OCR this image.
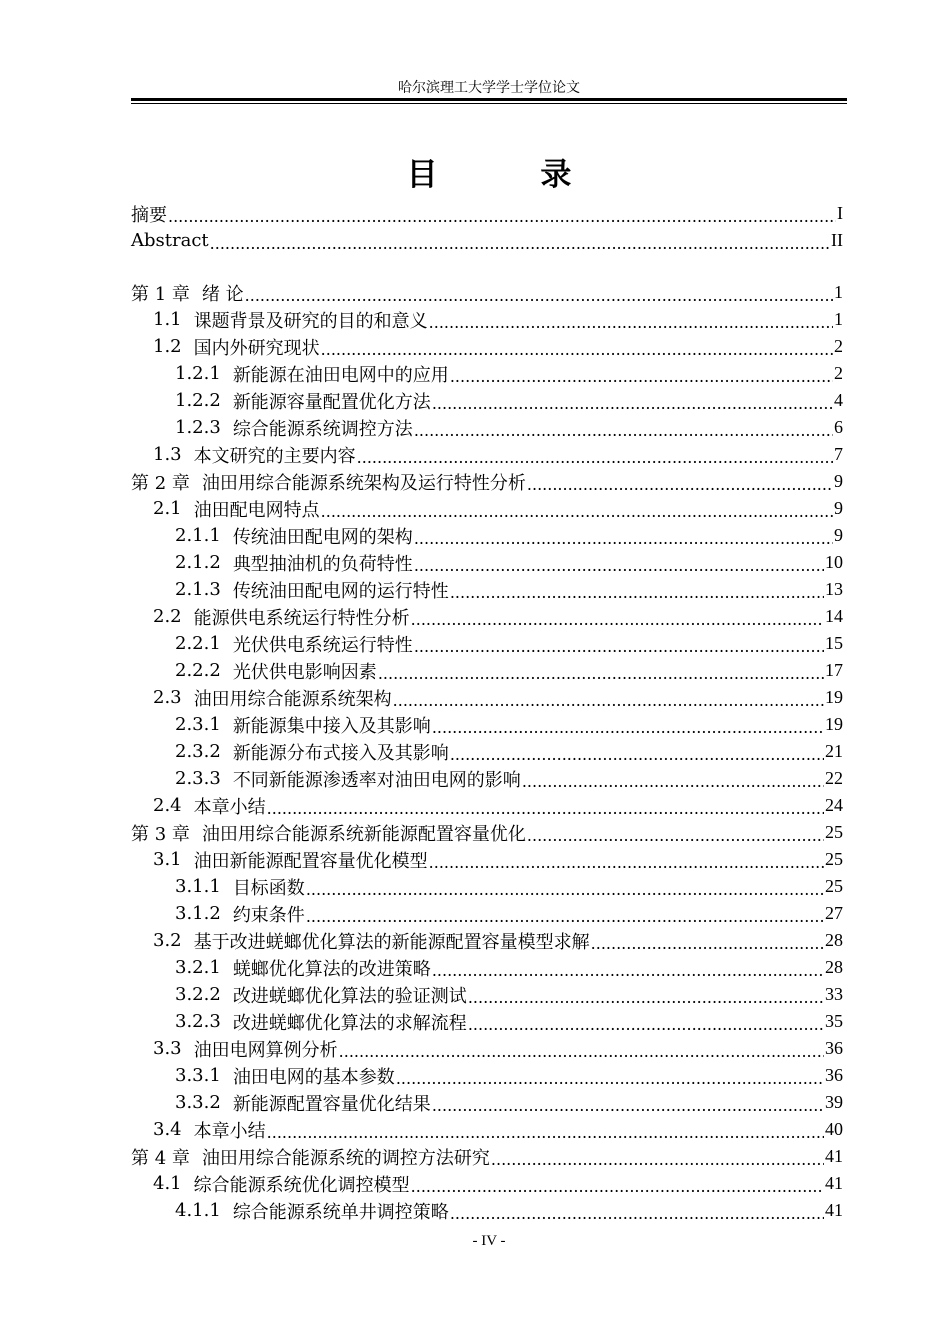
哈尔滨理工大学学士学位论文
目 录
摘要 .....	I
Abstract .....	II
第 1 章 绪 论 .....	1
1.1 课题背景及研究的目的和意义 .....	1
1.2 国内外研究现状 .....	2
1.2.1 新能源在油田电网中的应用 .....	2
1.2.2 新能源容量配置优化方法 .....	4
1.2.3 综合能源系统调控方法 .....	6
1.3 本文研究的主要内容 .....	7
第 2 章 油田用综合能源系统架构及运行特性分析 .....	9
2.1 油田配电网特点 .....	9
2.1.1 传统油田配电网的架构 .....	9
2.1.2 典型抽油机的负荷特性 .....	10
2.1.3 传统油田配电网的运行特性 .....	13
2.2 能源供电系统运行特性分析 .....	14
2.2.1 光伏供电系统运行特性 .....	15
2.2.2 光伏供电影响因素 .....	17
2.3 油田用综合能源系统架构 .....	19
2.3.1 新能源集中接入及其影响 .....	19
2.3.2 新能源分布式接入及其影响 .....	21
2.3.3 不同新能源渗透率对油田电网的影响 .....	22
2.4 本章小结 .....	24
第 3 章 油田用综合能源系统新能源配置容量优化 .....	25
3.1 油田新能源配置容量优化模型 .....	25
3.1.1 目标函数 .....	25
3.1.2 约束条件 .....	27
3.2 基于改进蜣螂优化算法的新能源配置容量模型求解 .....	28
3.2.1 蜣螂优化算法的改进策略 .....	28
3.2.2 改进蜣螂优化算法的验证测试 .....	33
3.2.3 改进蜣螂优化算法的求解流程 .....	35
3.3 油田电网算例分析 .....	36
3.3.1 油田电网的基本参数 .....	36
3.3.2 新能源配置容量优化结果 .....	39
3.4 本章小结 .....	40
第 4 章 油田用综合能源系统的调控方法研究 .....	41
4.1 综合能源系统优化调控模型 .....	41
4.1.1 综合能源系统单井调控策略 .....	41
- IV -
